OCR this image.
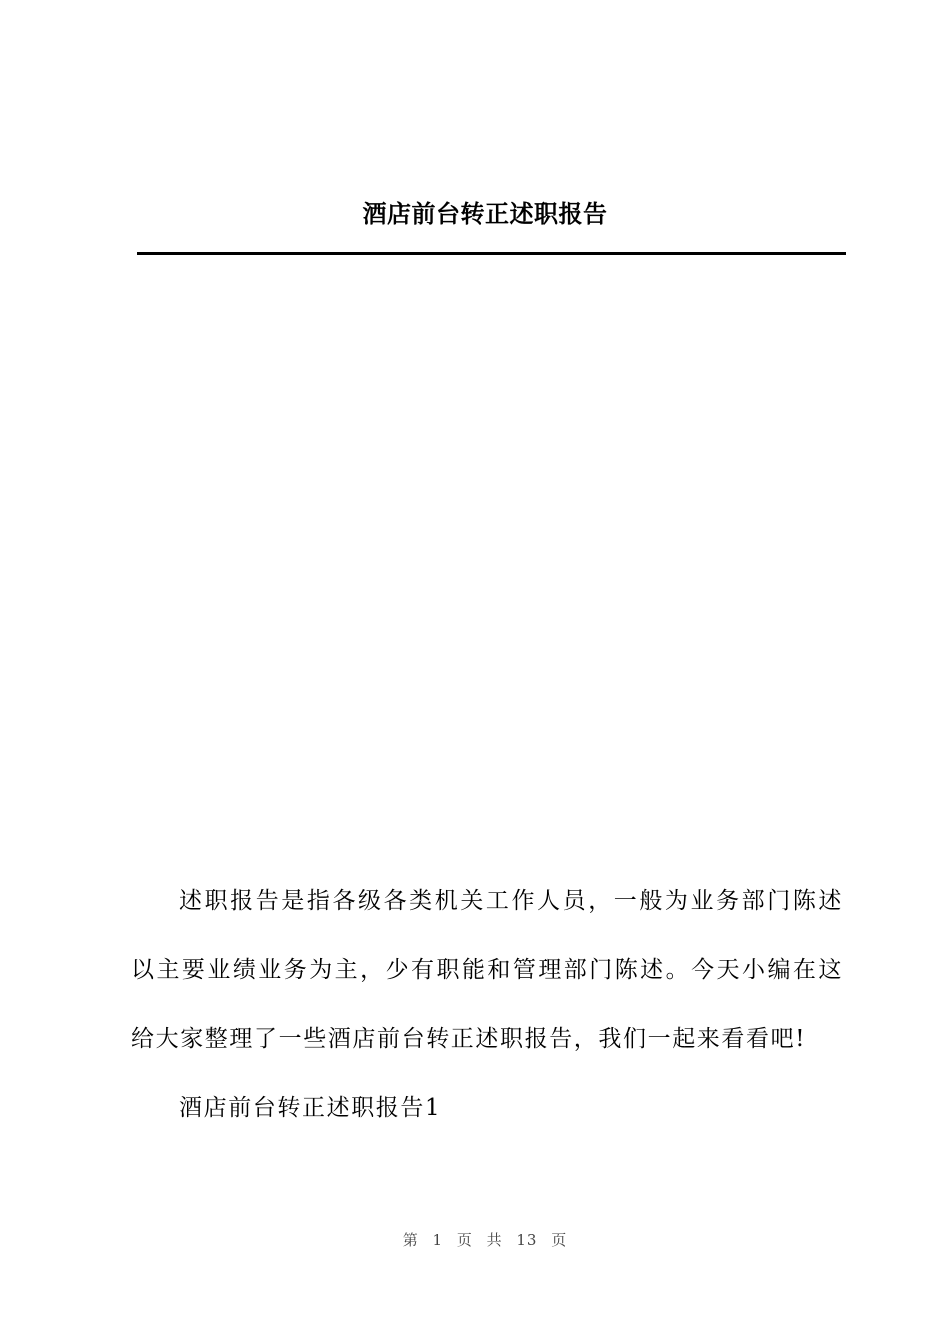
酒店前台转正述职报告

述职报告是指各级各类机关工作人员，一般为业务部门陈述以主要业绩业务为主，少有职能和管理部门陈述。今天小编在这给大家整理了一些酒店前台转正述职报告，我们一起来看看吧!

酒店前台转正述职报告1

第 1 页 共 13 页
